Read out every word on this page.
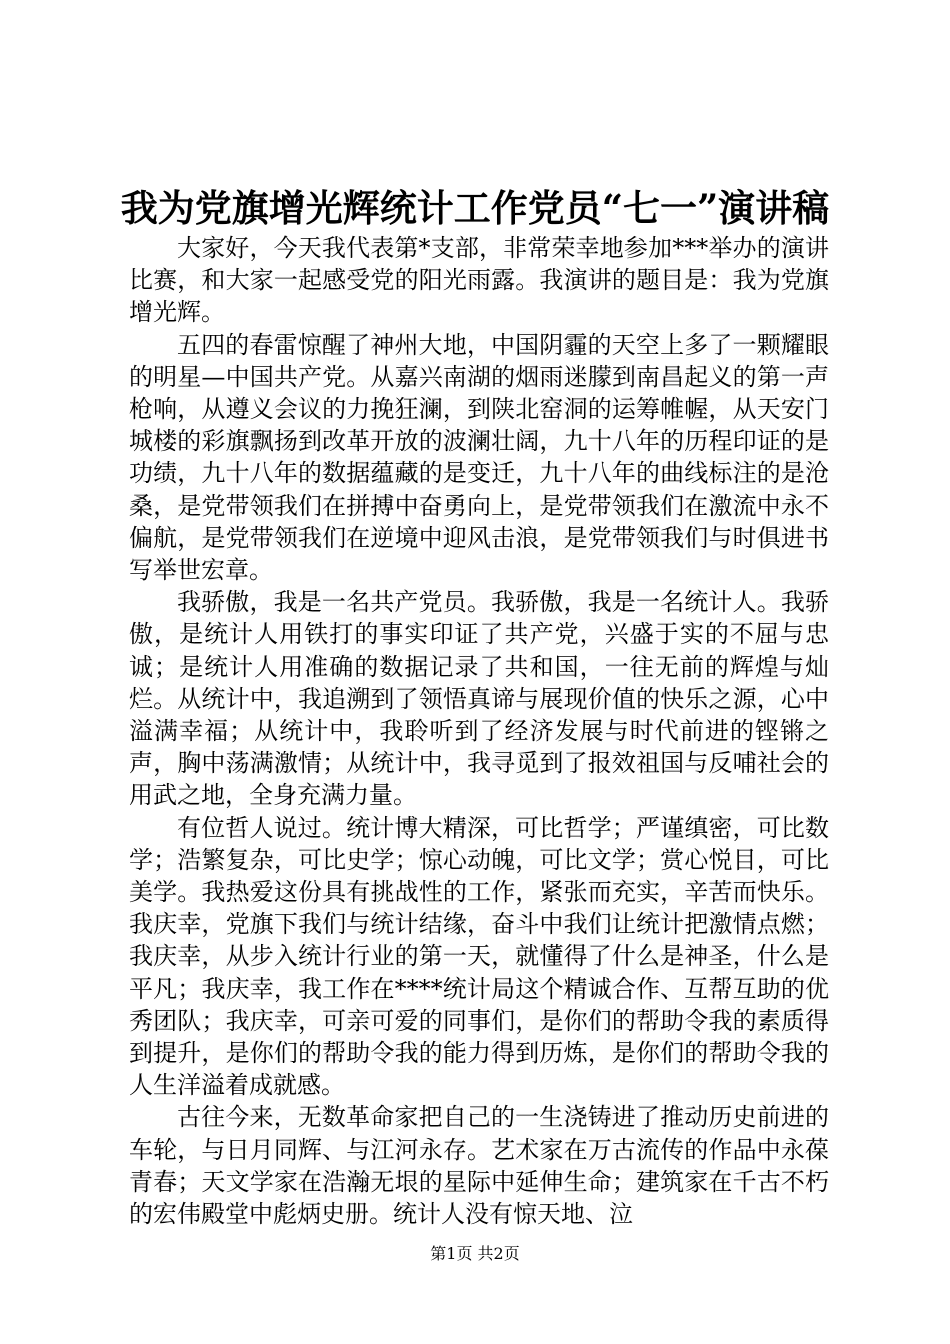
我为党旗增光辉统计工作党员“七一”演讲稿

大家好，今天我代表第*支部，非常荣幸地参加***举办的演讲比赛，和大家一起感受党的阳光雨露。我演讲的题目是：我为党旗增光辉。

五四的春雷惊醒了神州大地，中国阴霾的天空上多了一颗耀眼的明星—中国共产党。从嘉兴南湖的烟雨迷朦到南昌起义的第一声枪响，从遵义会议的力挽狂澜，到陕北窑洞的运筹帷幄，从天安门城楼的彩旗飘扬到改革开放的波澜壮阔，九十八年的历程印证的是功绩，九十八年的数据蕴藏的是变迁，九十八年的曲线标注的是沧桑，是党带领我们在拼搏中奋勇向上，是党带领我们在激流中永不偏航，是党带领我们在逆境中迎风击浪，是党带领我们与时俱进书写举世宏章。

我骄傲，我是一名共产党员。我骄傲，我是一名统计人。我骄傲，是统计人用铁打的事实印证了共产党，兴盛于实的不屈与忠诚；是统计人用准确的数据记录了共和国，一往无前的辉煌与灿烂。从统计中，我追溯到了领悟真谛与展现价值的快乐之源，心中溢满幸福；从统计中，我聆听到了经济发展与时代前进的铿锵之声，胸中荡满激情；从统计中，我寻觅到了报效祖国与反哺社会的用武之地，全身充满力量。

有位哲人说过。统计博大精深，可比哲学；严谨缜密，可比数学；浩繁复杂，可比史学；惊心动魄，可比文学；赏心悦目，可比美学。我热爱这份具有挑战性的工作，紧张而充实，辛苦而快乐。我庆幸，党旗下我们与统计结缘，奋斗中我们让统计把激情点燃；我庆幸，从步入统计行业的第一天，就懂得了什么是神圣，什么是平凡；我庆幸，我工作在****统计局这个精诚合作、互帮互助的优秀团队；我庆幸，可亲可爱的同事们，是你们的帮助令我的素质得到提升，是你们的帮助令我的能力得到历炼，是你们的帮助令我的人生洋溢着成就感。

古往今来，无数革命家把自己的一生浇铸进了推动历史前进的车轮，与日月同辉、与江河永存。艺术家在万古流传的作品中永葆青春；天文学家在浩瀚无垠的星际中延伸生命；建筑家在千古不朽的宏伟殿堂中彪炳史册。统计人没有惊天地、泣

第1页 共2页
